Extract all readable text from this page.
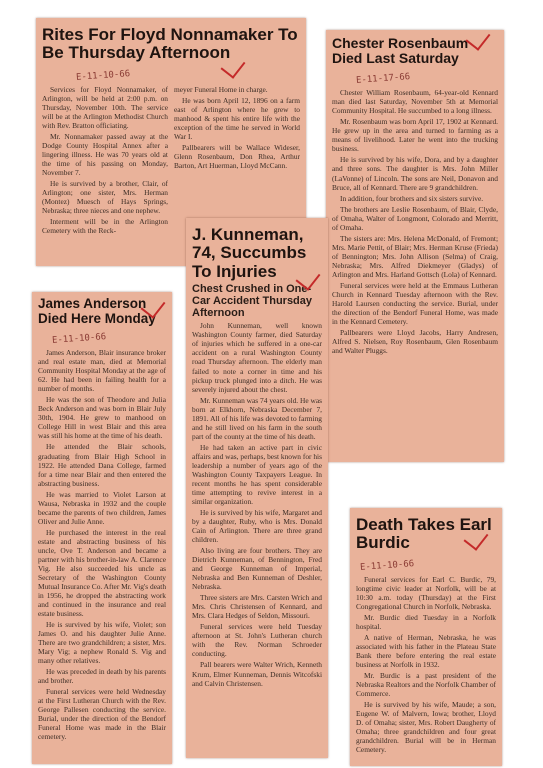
Rites For Floyd Nonnamaker To Be Thursday Afternoon
E-11-10-66

Services for Floyd Nonnamaker, of Arlington, will be held at 2:00 p.m. on Thursday, November 10th. The service will be at the Arlington Methodist Church with Rev. Bratton officiating.

Mr. Nonnamaker passed away at the Dodge County Hospital Annex after a lingering illness. He was 70 years old at the time of his passing on Monday, November 7.

He is survived by a brother, Clair, of Arlington; one sister, Mrs. Herman (Montez) Muesch of Hays Springs, Nebraska; three nieces and one nephew.

Interment will be in the Arlington Cemetery with the Reck-

meyer Funeral Home in charge.

He was born April 12, 1896 on a farm east of Arlington where he grew to manhood & spent his entire life with the exception of the time he served in World War I.

Pallbearers will be Wallace Wideser, Glenn Rosenbaum, Don Rhea, Arthur Barton, Art Huerman, Lloyd McCann.

Chester Rosenbaum Died Last Saturday
E-11-17-66

Chester William Rosenbaum, 64-year-old Kennard man died last Saturday, November 5th at Memorial Community Hospital. He succumbed to a long illness.

Mr. Rosenbaum was born April 17, 1902 at Kennard. He grew up in the area and turned to farming as a means of livelihood. Later he went into the trucking business.

He is survived by his wife, Dora, and by a daughter and three sons. The daughter is Mrs. John Miller (LaVonne) of Lincoln. The sons are Neil, Donavon and Bruce, all of Kennard. There are 9 grandchildren.

In addition, four brothers and six sisters survive.

The brothers are Leslie Rosenbaum, of Blair, Clyde, of Omaha, Walter of Longmont, Colorado and Merritt, of Omaha.

The sisters are: Mrs. Helena McDonald, of Fremont; Mrs. Marie Pettit, of Blair; Mrs. Herman Kruse (Frieda) of Bennington; Mrs. John Allison (Selma) of Craig, Nebraska; Mrs. Alfred Diekmeyer (Gladys) of Arlington and Mrs. Harland Gottsch (Lola) of Kennard.

Funeral services were held at the Emmaus Lutheran Church in Kennard Tuesday afternoon with the Rev. Harold Laursen conducting the service. Burial, under the direction of the Bendorf Funeral Home, was made in the Kennard Cemetery.

Pallbearers were Lloyd Jacobs, Harry Andresen, Alfred S. Nielsen, Roy Rosenbaum, Glen Rosenbaum and Walter Pluggs.

James Anderson Died Here Monday
E-11-10-66

James Anderson, Blair insurance broker and real estate man, died at Memorial Community Hospital Monday at the age of 62. He had been in failing health for a number of months.

He was the son of Theodore and Julia Beck Anderson and was born in Blair July 30th, 1904. He grew to manhood on College Hill in west Blair and this area was still his home at the time of his death.

He attended the Blair schools, graduating from Blair High School in 1922. He attended Dana College, farmed for a time near Blair and then entered the abstracting business.

He was married to Violet Larson at Wausa, Nebraska in 1932 and the couple became the parents of two children, James Oliver and Julie Anne.

He purchased the interest in the real estate and abstracting business of his uncle, Ove T. Anderson and became a partner with his brother-in-law A. Clarence Vig. He also succeeded his uncle as Secretary of the Washington County Mutual Insurance Co. After Mr. Vig's death in 1956, he dropped the abstracting work and continued in the insurance and real estate business.

He is survived by his wife, Violet; son James O. and his daughter Julie Anne. There are two grandchildren; a sister, Mrs. Mary Vig; a nephew Ronald S. Vig and many other relatives.

He was preceded in death by his parents and brother.

Funeral services were held Wednesday at the First Lutheran Church with the Rev. George Pallesen conducting the service. Burial, under the direction of the Bendorf Funeral Home was made in the Blair cemetery.

J. Kunneman, 74, Succumbs To Injuries
Chest Crushed in One-Car Accident Thursday Afternoon

John Kunneman, well known Washington County farmer, died Saturday of injuries which he suffered in a one-car accident on a rural Washington County road Thursday afternoon. The elderly man failed to note a corner in time and his pickup truck plunged into a ditch. He was severely injured about the chest.

Mr. Kunneman was 74 years old. He was born at Elkhorn, Nebraska December 7, 1891. All of his life was devoted to farming and he still lived on his farm in the south part of the county at the time of his death.

He had taken an active part in civic affairs and was, perhaps, best known for his leadership a number of years ago of the Washington County Taxpayers League. In recent months he has spent considerable time attempting to revive interest in a similar organization.

He is survived by his wife, Margaret and by a daughter, Ruby, who is Mrs. Donald Cain of Arlington. There are three grand children.

Also living are four brothers. They are Dietrich Kunneman, of Bennington, Fred and George Kunneman of Imperial, Nebraska and Ben Kunneman of Deshler, Nebraska.

Three sisters are Mrs. Carsten Wrich and Mrs. Chris Christensen of Kennard, and Mrs. Clara Hedges of Seldon, Missouri.

Funeral services were held Tuesday afternoon at St. John's Lutheran church with the Rev. Norman Schroeder conducting.

Pall bearers were Walter Wrich, Kenneth Krum, Elmer Kunneman, Dennis Witcofski and Calvin Christensen.

Death Takes Earl Burdic
E-11-10-66

Funeral services for Earl C. Burdic, 79, longtime civic leader at Norfolk, will be at 10:30 a.m. today (Thursday) at the First Congregational Church in Norfolk, Nebraska.

Mr. Burdic died Tuesday in a Norfolk hospital.

A native of Herman, Nebraska, he was associated with his father in the Plateau State Bank there before entering the real estate business at Norfolk in 1932.

Mr. Burdic is a past president of the Nebraska Realtors and the Norfolk Chamber of Commerce.

He is survived by his wife, Maude; a son, Eugene W. of Malvern, Iowa; brother, Lloyd D. of Omaha; sister, Mrs. Robert Daugherty of Omaha; three grandchildren and four great grandchildren. Burial will be in Herman Cemetery.
